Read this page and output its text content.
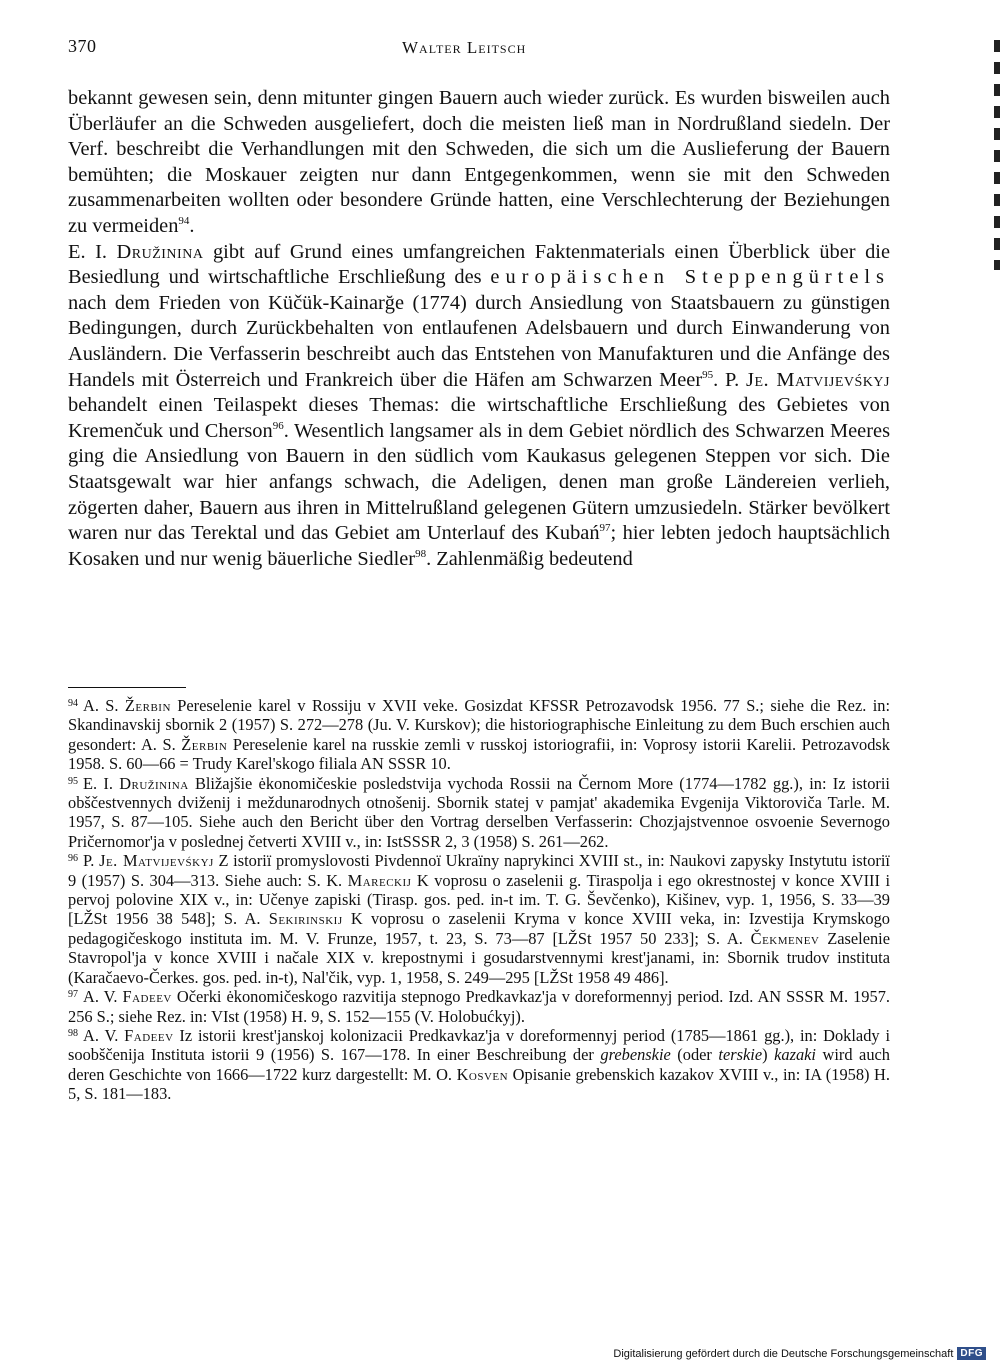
370	Walter Leitsch

bekannt gewesen sein, denn mitunter gingen Bauern auch wieder zurück. Es wurden bisweilen auch Überläufer an die Schweden ausgeliefert, doch die meisten ließ man in Nordrußland siedeln. Der Verf. beschreibt die Verhandlungen mit den Schweden, die sich um die Auslieferung der Bauern bemühten; die Moskauer zeigten nur dann Entgegenkommen, wenn sie mit den Schweden zusammenarbeiten wollten oder besondere Gründe hatten, eine Verschlechterung der Beziehungen zu vermeiden$^{94}$.

E. I. Družinina gibt auf Grund eines umfangreichen Faktenmaterials einen Überblick über die Besiedlung und wirtschaftliche Erschließung des europäischen Steppengürtels nach dem Frieden von Küčük-Kainarğe (1774) durch Ansiedlung von Staatsbauern zu günstigen Bedingungen, durch Zurückbehalten von entlaufenen Adelsbauern und durch Einwanderung von Ausländern. Die Verfasserin beschreibt auch das Entstehen von Manufakturen und die Anfänge des Handels mit Österreich und Frankreich über die Häfen am Schwarzen Meer$^{95}$. P. Je. Matvijevśkyj behandelt einen Teilaspekt dieses Themas: die wirtschaftliche Erschließung des Gebietes von Kremenčuk und Cherson$^{96}$. Wesentlich langsamer als in dem Gebiet nördlich des Schwarzen Meeres ging die Ansiedlung von Bauern in den südlich vom Kaukasus gelegenen Steppen vor sich. Die Staatsgewalt war hier anfangs schwach, die Adeligen, denen man große Ländereien verlieh, zögerten daher, Bauern aus ihren in Mittelrußland gelegenen Gütern umzusiedeln. Stärker bevölkert waren nur das Terektal und das Gebiet am Unterlauf des Kubań$^{97}$; hier lebten jedoch hauptsächlich Kosaken und nur wenig bäuerliche Siedler$^{98}$. Zahlenmäßig bedeutend

$^{94}$ A. S. Žerbin Pereselenie karel v Rossiju v XVII veke. Gosizdat KFSSR Petrozavodsk 1956. 77 S.; siehe die Rez. in: Skandinavskij sbornik 2 (1957) S. 272—278 (Ju. V. Kurskov); die historiographische Einleitung zu dem Buch erschien auch gesondert: A. S. Žerbin Pereselenie karel na russkie zemli v russkoj istoriografii, in: Voprosy istorii Karelii. Petrozavodsk 1958. S. 60—66 = Trudy Karel'skogo filiala AN SSSR 10.

$^{95}$ E. I. Družinina Bližajšie ėkonomičeskie posledstvija vychoda Rossii na Černom More (1774—1782 gg.), in: Iz istorii obščestvennych dviženij i meždunarodnych otnošenij. Sbornik statej v pamjat' akademika Evgenija Viktoroviča Tarle. M. 1957, S. 87—105. Siehe auch den Bericht über den Vortrag derselben Verfasserin: Chozjajstvennoe osvoenie Severnogo Pričernomor'ja v poslednej četverti XVIII v., in: IstSSSR 2, 3 (1958) S. 261—262.

$^{96}$ P. Je. Matvijevśkyj Z istoriï promyslovosti Pivdennoï Ukraïny naprykinci XVIII st., in: Naukovi zapysky Instytutu istoriï 9 (1957) S. 304—313. Siehe auch: S. K. Mareckij K voprosu o zaselenii g. Tiraspolja i ego okrestnostej v konce XVIII i pervoj polovine XIX v., in: Učenye zapiski (Tirasp. gos. ped. in-t im. T. G. Ševčenko), Kišinev, vyp. 1, 1956, S. 33—39 [LŽSt 1956 38 548]; S. A. Sekirinskij K voprosu o zaselenii Kryma v konce XVIII veka, in: Izvestija Krymskogo pedagogičeskogo instituta im. M. V. Frunze, 1957, t. 23, S. 73—87 [LŽSt 1957 50 233]; S. A. Čekmenev Zaselenie Stavropol'ja v konce XVIII i načale XIX v. krepostnymi i gosudarstvennymi krest'janami, in: Sbornik trudov instituta (Karačaevo-Čerkes. gos. ped. in-t), Nal'čik, vyp. 1, 1958, S. 249—295 [LŽSt 1958 49 486].

$^{97}$ A. V. Fadeev Očerki ėkonomičeskogo razvitija stepnogo Predkavkaz'ja v doreformennyj period. Izd. AN SSSR M. 1957. 256 S.; siehe Rez. in: VIst (1958) H. 9, S. 152—155 (V. Holobućkyj).

$^{98}$ A. V. Fadeev Iz istorii krest'janskoj kolonizacii Predkavkaz'ja v doreformennyj period (1785—1861 gg.), in: Doklady i soobščenija Instituta istorii 9 (1956) S. 167—178. In einer Beschreibung der grebenskie (oder terskie) kazaki wird auch deren Geschichte von 1666—1722 kurz dargestellt: M. O. Kosven Opisanie grebenskich kazakov XVIII v., in: IA (1958) H. 5, S. 181—183.

Digitalisierung gefördert durch die Deutsche Forschungsgemeinschaft DFG
